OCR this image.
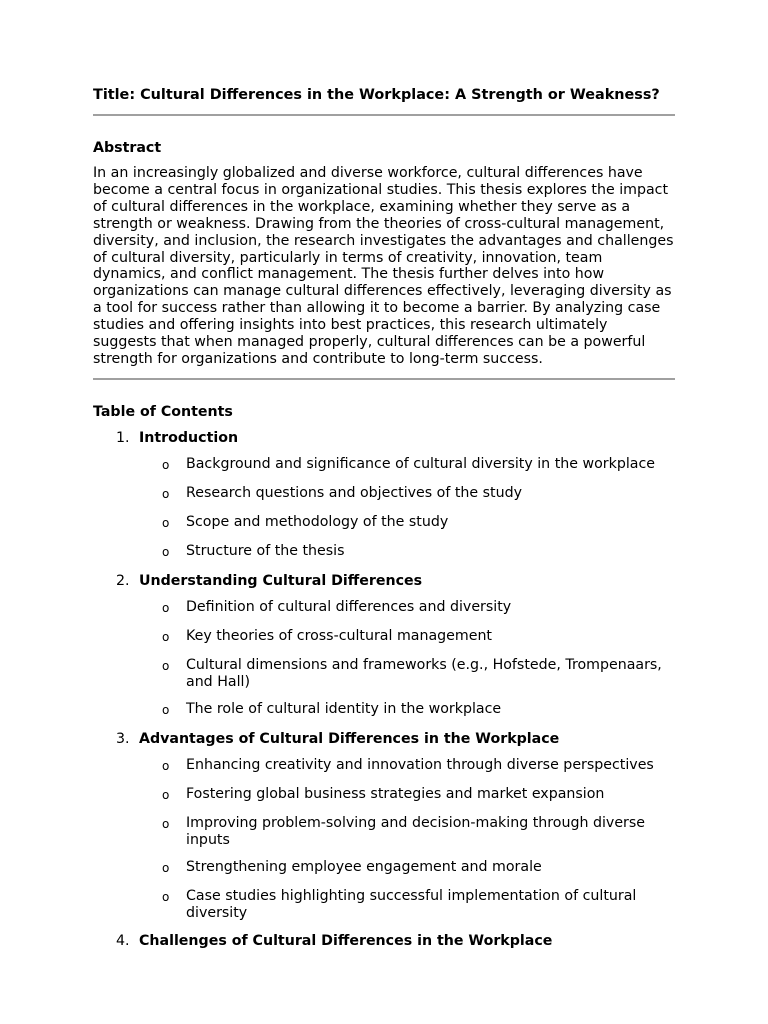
Title: Cultural Differences in the Workplace: A Strength or Weakness?
Abstract

In an increasingly globalized and diverse workforce, cultural differences have become a central focus in organizational studies. This thesis explores the impact of cultural differences in the workplace, examining whether they serve as a strength or weakness. Drawing from the theories of cross-cultural management, diversity, and inclusion, the research investigates the advantages and challenges of cultural diversity, particularly in terms of creativity, innovation, team dynamics, and conflict management. The thesis further delves into how organizations can manage cultural differences effectively, leveraging diversity as a tool for success rather than allowing it to become a barrier. By analyzing case studies and offering insights into best practices, this research ultimately suggests that when managed properly, cultural differences can be a powerful strength for organizations and contribute to long-term success.

Table of Contents
1. Introduction
o	Background and significance of cultural diversity in the workplace
o	Research questions and objectives of the study
o	Scope and methodology of the study
o	Structure of the thesis
2. Understanding Cultural Differences
o	Definition of cultural differences and diversity
o	Key theories of cross-cultural management
o	Cultural dimensions and frameworks (e.g., Hofstede, Trompenaars, and Hall)
o	The role of cultural identity in the workplace
3. Advantages of Cultural Differences in the Workplace
o	Enhancing creativity and innovation through diverse perspectives
o	Fostering global business strategies and market expansion
o	Improving problem-solving and decision-making through diverse inputs
o	Strengthening employee engagement and morale
o	Case studies highlighting successful implementation of cultural diversity
4. Challenges of Cultural Differences in the Workplace
